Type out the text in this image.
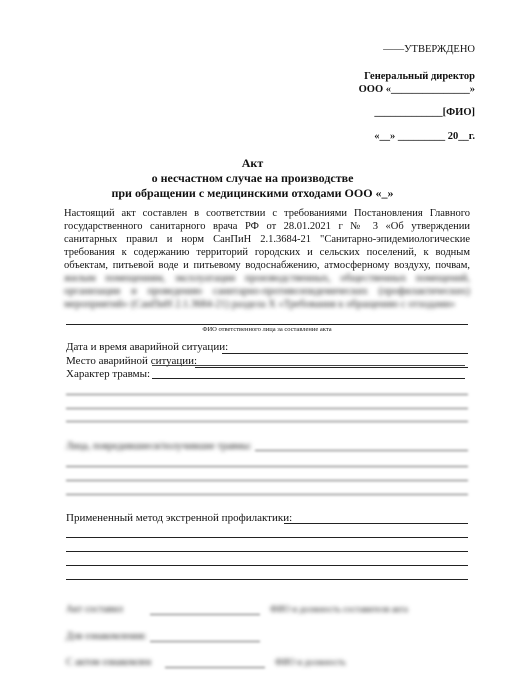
——УТВЕРЖДЕНО
Генеральный директор
ООО «_______________»
_____________[ФИО]
«__» _________ 20__г.
Акт
о несчастном случае на производстве
при обращении с медицинскими отходами ООО «_»
Настоящий акт составлен в соответствии с требованиями Постановления Главного государственного санитарного врача РФ от 28.01.2021 г № 3 «Об утверждении санитарных правил и норм СанПиН 2.1.3684-21 "Санитарно-эпидемиологические требования к содержанию территорий городских и сельских поселений, к водным объектам, питьевой воде и питьевому водоснабжению, атмосферному воздуху, почвам, жилым помещениям, эксплуатации производственных, общественных помещений, организации и проведению санитарно-противоэпидемических (профилактических) мероприятий» (СанПиН 2.1.3684-21) раздела X «Требования к обращению с отходами»
ФИО ответственного лица за составление акта
Дата и время аварийной ситуации:
Место аварийной ситуации:
Характер травмы:
Лица, повредившиеся/получившие травмы:
Примененный метод экстренной профилактики:
Акт составил	ФИО и должность составителя акта
Для ознакомления:
С актом ознакомлен	ФИО и должность
